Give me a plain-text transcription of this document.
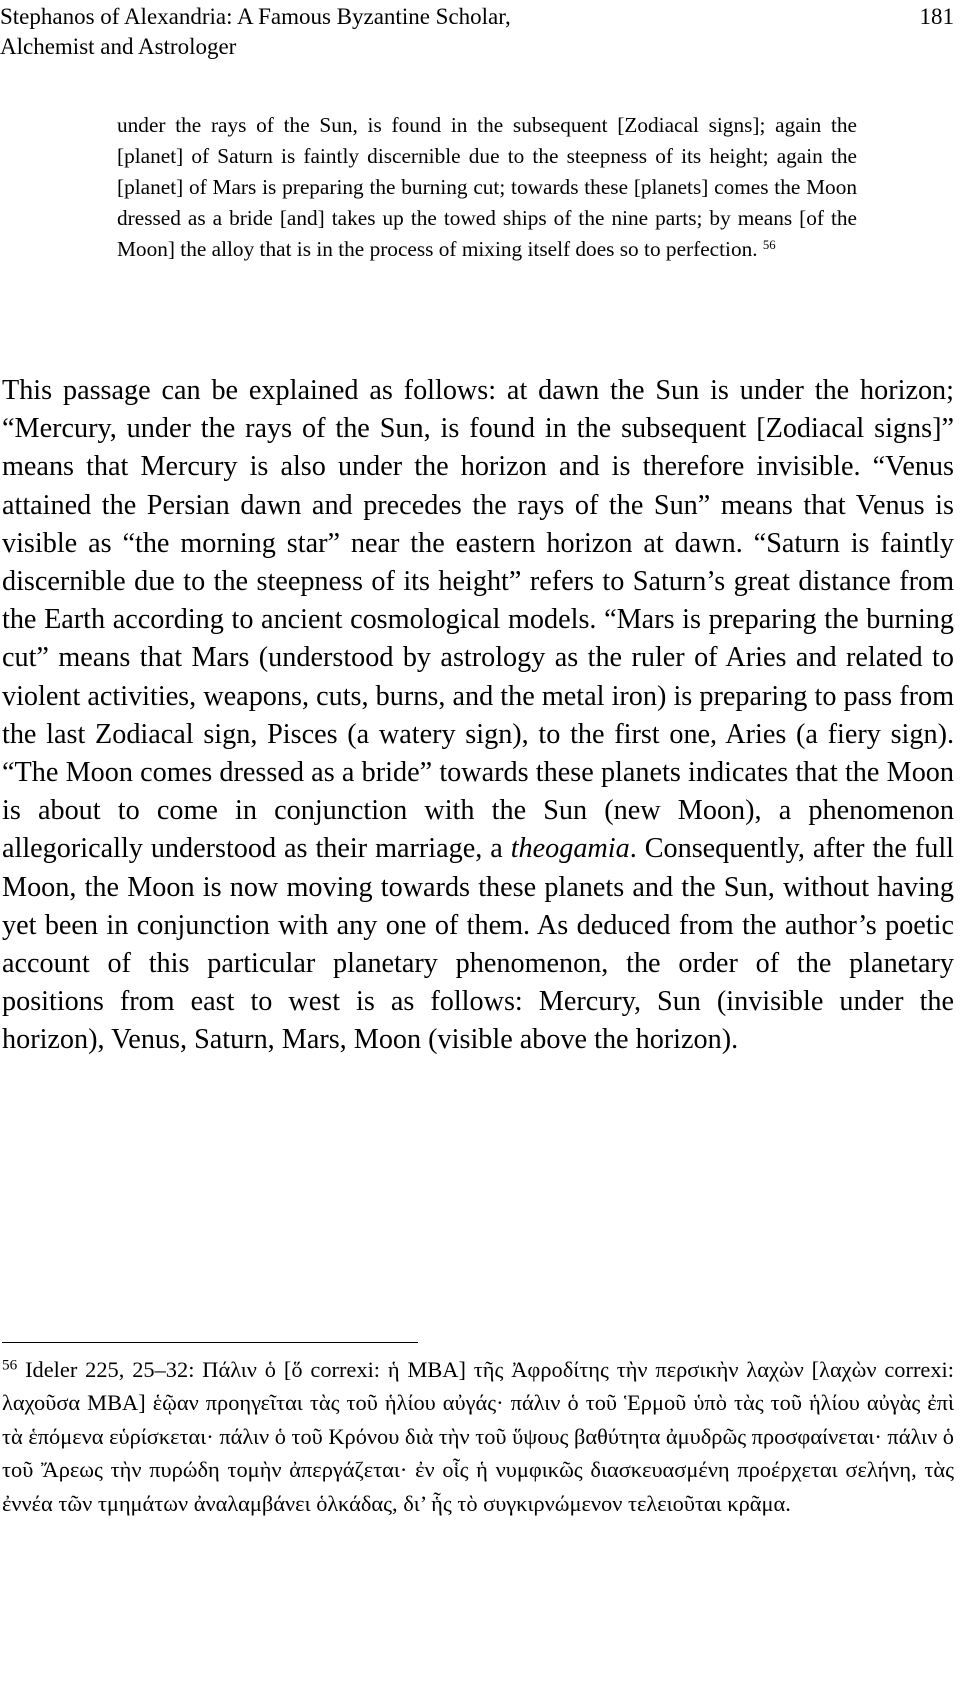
Stephanos of Alexandria: A Famous Byzantine Scholar,
Alchemist and Astrologer
181
under the rays of the Sun, is found in the subsequent [Zodiacal signs]; again the [planet] of Saturn is faintly discernible due to the steepness of its height; again the [planet] of Mars is preparing the burning cut; towards these [planets] comes the Moon dressed as a bride [and] takes up the towed ships of the nine parts; by means [of the Moon] the alloy that is in the process of mixing itself does so to perfection. $^{56}$
This passage can be explained as follows: at dawn the Sun is under the horizon; “Mercury, under the rays of the Sun, is found in the subsequent [Zodiacal signs]” means that Mercury is also under the horizon and is therefore invisible. “Venus attained the Persian dawn and precedes the rays of the Sun” means that Venus is visible as “the morning star” near the eastern horizon at dawn. “Saturn is faintly discernible due to the steepness of its height” refers to Saturn’s great distance from the Earth according to ancient cosmological models. “Mars is preparing the burning cut” means that Mars (understood by astrology as the ruler of Aries and related to violent activities, weapons, cuts, burns, and the metal iron) is preparing to pass from the last Zodiacal sign, Pisces (a watery sign), to the first one, Aries (a fiery sign). “The Moon comes dressed as a bride” towards these planets indicates that the Moon is about to come in conjunction with the Sun (new Moon), a phenomenon allegorically understood as their marriage, a theogamia. Consequently, after the full Moon, the Moon is now moving towards these planets and the Sun, without having yet been in conjunction with any one of them. As deduced from the author’s poetic account of this particular planetary phenomenon, the order of the planetary positions from east to west is as follows: Mercury, Sun (invisible under the horizon), Venus, Saturn, Mars, Moon (visible above the horizon).
$^{56}$ Ideler 225, 25–32: Πάλιν ὁ [ὅ correxi: ἡ MBA] τῆς Ἀφροδίτης τὴν περσικὴν λαχὼν [λαχὼν correxi: λαχοῦσα MBA] ἑῷαν προηγεῖται τὰς τοῦ ἡλίου αὐγάς· πάλιν ὁ τοῦ Ἑρμοῦ ὑπὸ τὰς τοῦ ἡλίου αὐγὰς ἐπὶ τὰ ἑπόμενα εὑρίσκεται· πάλιν ὁ τοῦ Κρόνου διὰ τὴν τοῦ ὕψους βαθύτητα ἀμυδρῶς προσφαίνεται· πάλιν ὁ τοῦ Ἄρεως τὴν πυρώδη τομὴν ἀπεργάζεται· ἐν οἷς ἡ νυμφικῶς διασκευασμένη προέρχεται σελήνη, τὰς ἐννέα τῶν τμημάτων ἀναλαμβάνει ὁλκάδας, δι’ ἧς τὸ συγκιρνώμενον τελειοῦται κρᾶμα.
